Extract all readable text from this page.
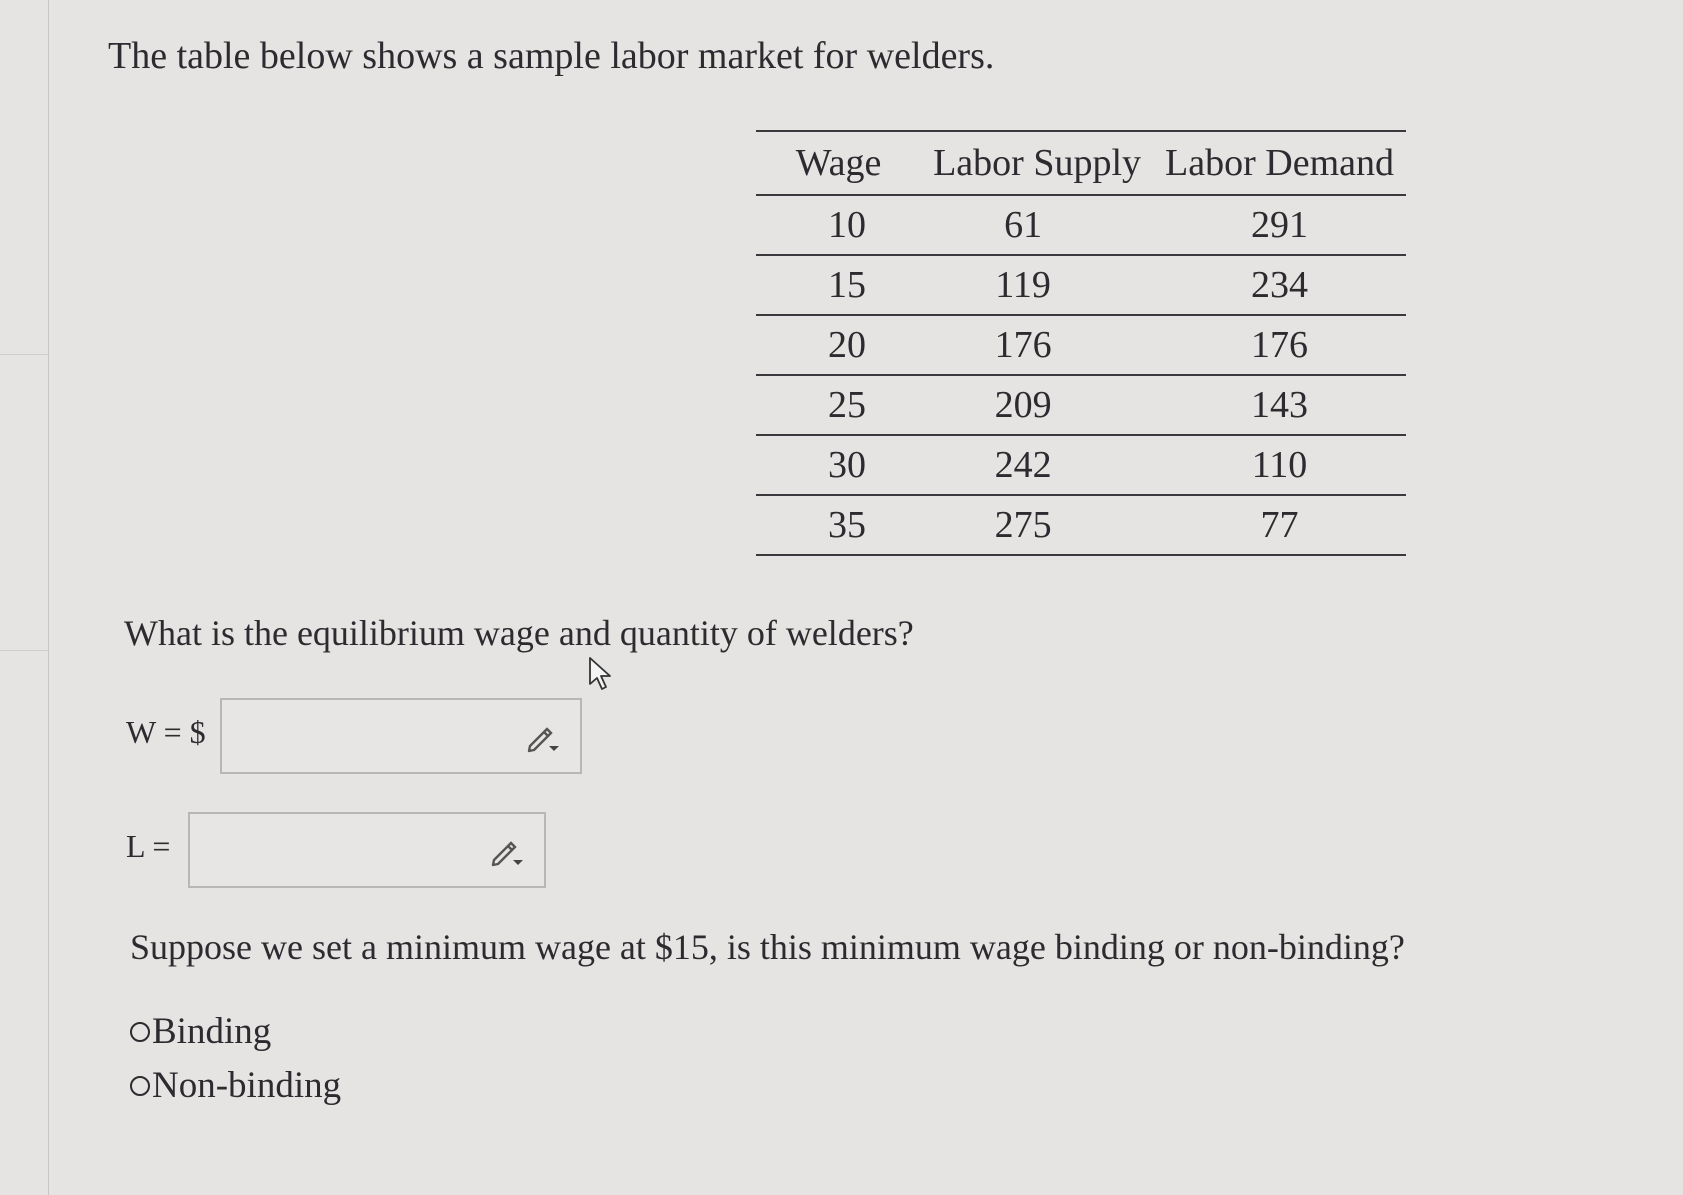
The table below shows a sample labor market for welders.
Wage	Labor Supply	Labor Demand
10	61	291
15	119	234
20	176	176
25	209	143
30	242	110
35	275	77

What is the equilibrium wage and quantity of welders?

W = $
L =

Suppose we set a minimum wage at $15, is this minimum wage binding or non-binding?

Binding
Non-binding
